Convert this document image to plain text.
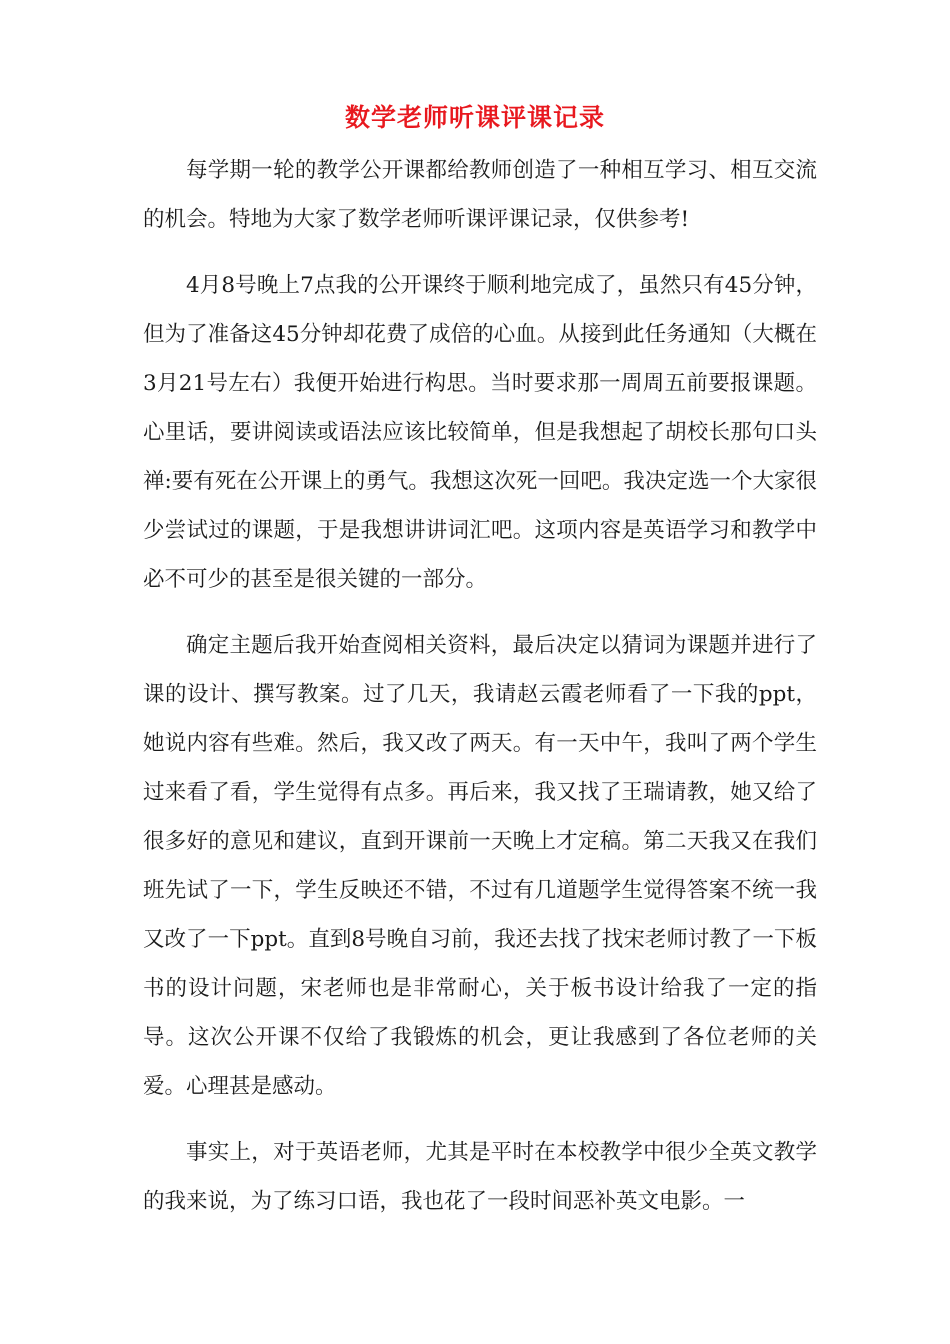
数学老师听课评课记录

每学期一轮的教学公开课都给教师创造了一种相互学习、相互交流的机会。特地为大家了数学老师听课评课记录，仅供参考!

4月8号晚上7点我的公开课终于顺利地完成了，虽然只有45分钟，但为了准备这45分钟却花费了成倍的心血。从接到此任务通知（大概在3月21号左右）我便开始进行构思。当时要求那一周周五前要报课题。心里话，要讲阅读或语法应该比较简单，但是我想起了胡校长那句口头禅:要有死在公开课上的勇气。我想这次死一回吧。我决定选一个大家很少尝试过的课题，于是我想讲讲词汇吧。这项内容是英语学习和教学中必不可少的甚至是很关键的一部分。

确定主题后我开始查阅相关资料，最后决定以猜词为课题并进行了课的设计、撰写教案。过了几天，我请赵云霞老师看了一下我的ppt，她说内容有些难。然后，我又改了两天。有一天中午，我叫了两个学生过来看了看，学生觉得有点多。再后来，我又找了王瑞请教，她又给了很多好的意见和建议，直到开课前一天晚上才定稿。第二天我又在我们班先试了一下，学生反映还不错，不过有几道题学生觉得答案不统一我又改了一下ppt。直到8号晚自习前，我还去找了找宋老师讨教了一下板书的设计问题，宋老师也是非常耐心，关于板书设计给我了一定的指导。这次公开课不仅给了我锻炼的机会，更让我感到了各位老师的关爱。心理甚是感动。

事实上，对于英语老师，尤其是平时在本校教学中很少全英文教学的我来说，为了练习口语，我也花了一段时间恶补英文电影。一
